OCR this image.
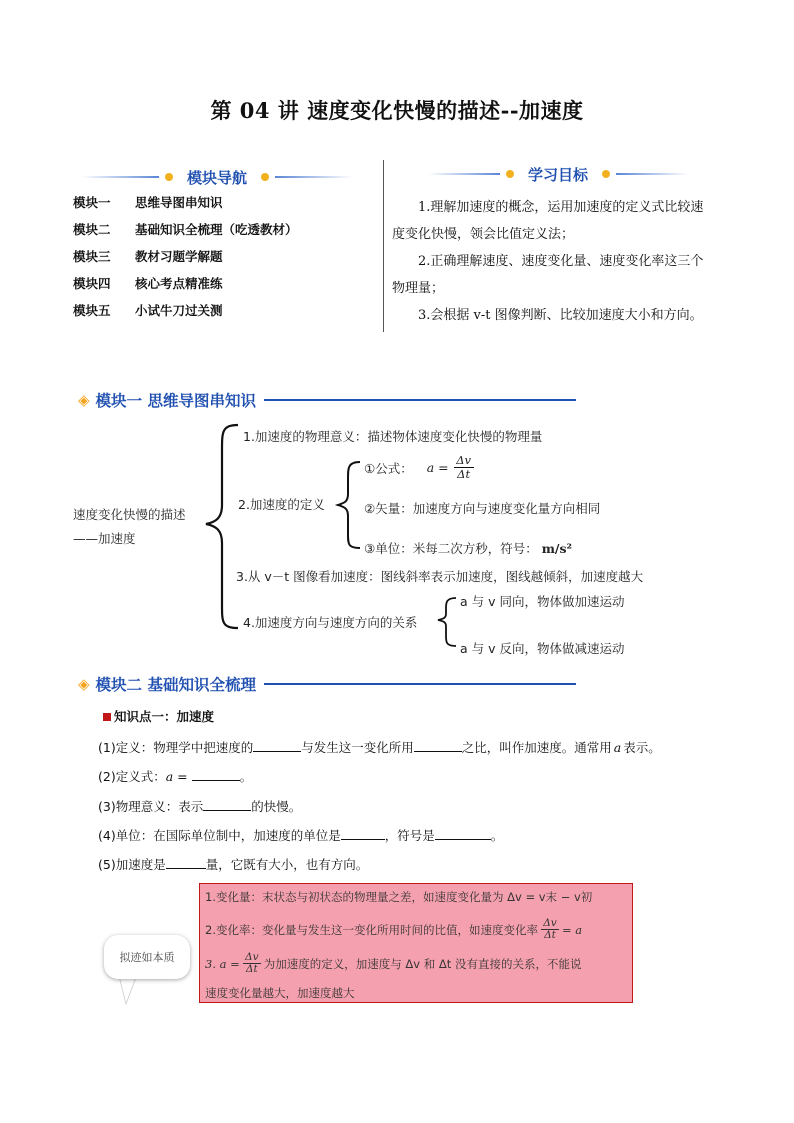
第 04 讲 速度变化快慢的描述--加速度
模块导航
模块一	思维导图串知识
模块二	基础知识全梳理（吃透教材）
模块三	教材习题学解题
模块四	核心考点精准练
模块五	小试牛刀过关测
学习目标
1.理解加速度的概念，运用加速度的定义式比较速
度变化快慢，领会比值定义法；
2.正确理解速度、速度变化量、速度变化率这三个
物理量；
3.会根据 v-t 图像判断、比较加速度大小和方向。
◈ 模块一 思维导图串知识
速度变化快慢的描述
——加速度
1.加速度的物理意义：描述物体速度变化快慢的物理量
2.加速度的定义
①公式： $a = \frac{\Delta v}{\Delta t}$
②矢量：加速度方向与速度变化量方向相同
③单位：米每二次方秒，符号： m/s²
3.从 v－t 图像看加速度：图线斜率表示加速度，图线越倾斜，加速度越大
4.加速度方向与速度方向的关系
a 与 v 同向，物体做加速运动
a 与 v 反向，物体做减速运动
◈ 模块二 基础知识全梳理
知识点一：加速度
(1)定义：物理学中把速度的	与发生这一变化所用	之比，叫作加速度。通常用 a 表示。
(2)定义式：a =	。
(3)物理意义：表示	的快慢。
(4)单位：在国际单位制中，加速度的单位是	，符号是	。
(5)加速度是	量，它既有大小，也有方向。
1.变化量：末状态与初状态的物理量之差，如速度变化量为 Δv = v末 − v初
2.变化率：变化量与发生这一变化所用时间的比值，如速度变化率 $\frac{\Delta v}{\Delta t} = a$
3. $a = \frac{\Delta v}{\Delta t}$ 为加速度的定义，加速度与 Δv 和 Δt 没有直接的关系，不能说
速度变化量越大，加速度越大
拟迹如本质
